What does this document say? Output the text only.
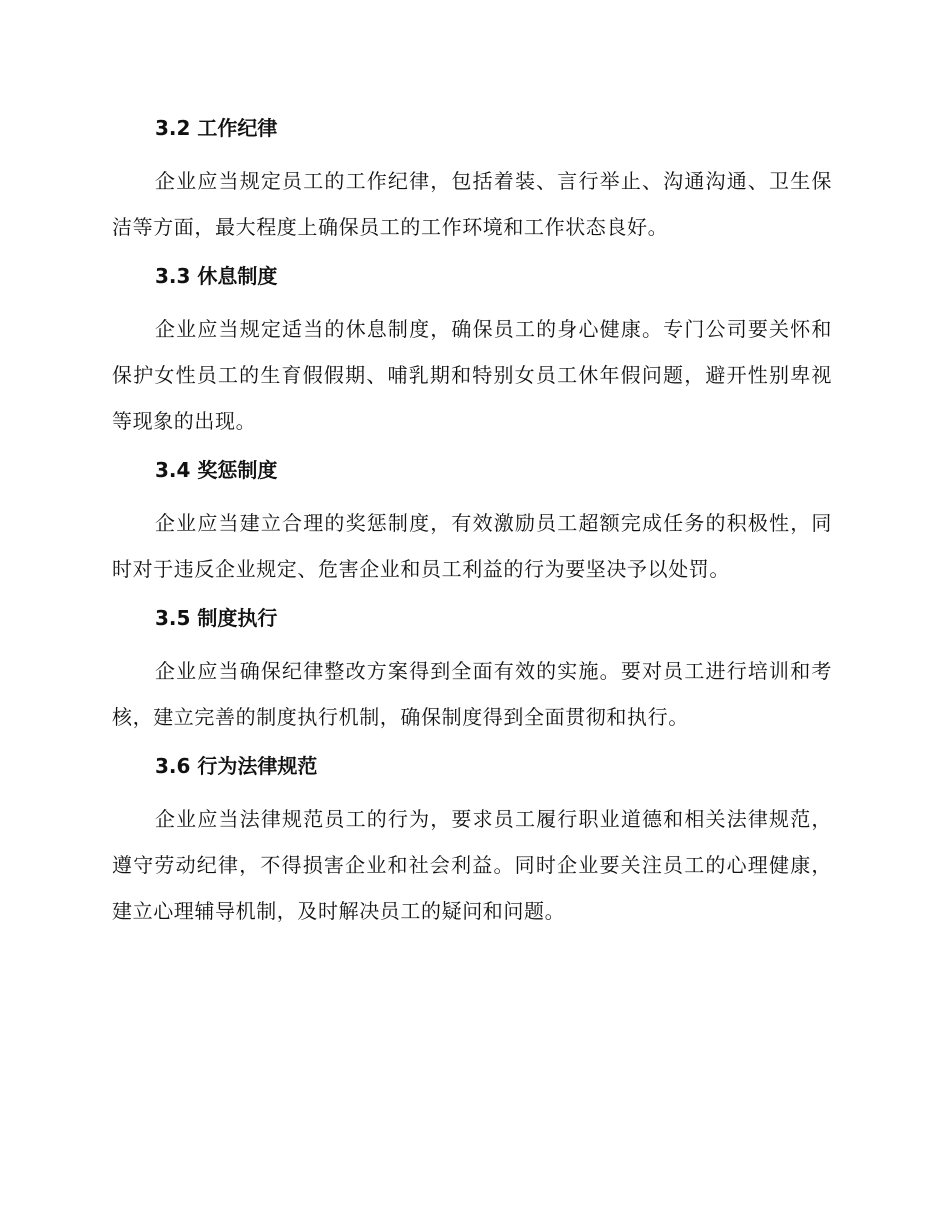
3.2 工作纪律

企业应当规定员工的工作纪律，包括着装、言行举止、沟通沟通、卫生保洁等方面，最大程度上确保员工的工作环境和工作状态良好。

3.3 休息制度

企业应当规定适当的休息制度，确保员工的身心健康。专门公司要关怀和保护女性员工的生育假假期、哺乳期和特别女员工休年假问题，避开性别卑视等现象的出现。

3.4 奖惩制度

企业应当建立合理的奖惩制度，有效激励员工超额完成任务的积极性，同时对于违反企业规定、危害企业和员工利益的行为要坚决予以处罚。

3.5 制度执行

企业应当确保纪律整改方案得到全面有效的实施。要对员工进行培训和考核，建立完善的制度执行机制，确保制度得到全面贯彻和执行。

3.6 行为法律规范

企业应当法律规范员工的行为，要求员工履行职业道德和相关法律规范，遵守劳动纪律，不得损害企业和社会利益。同时企业要关注员工的心理健康，建立心理辅导机制，及时解决员工的疑问和问题。
